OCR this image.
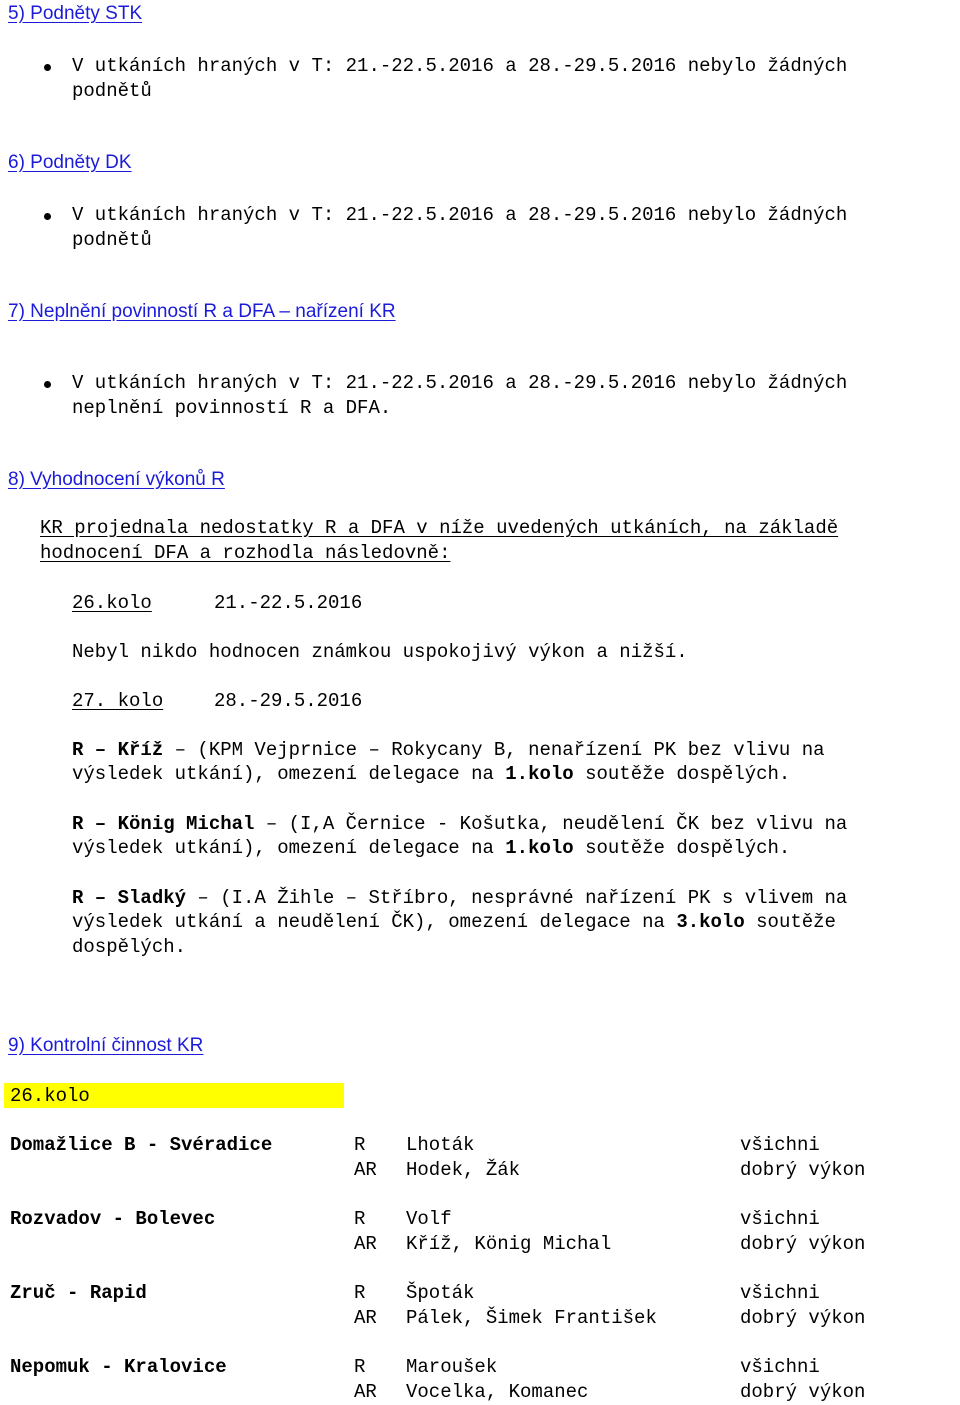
5) Podněty STK
V utkáních hraných v T: 21.-22.5.2016 a 28.-29.5.2016 nebylo žádných
podnětů
6) Podněty DK
V utkáních hraných v T: 21.-22.5.2016 a 28.-29.5.2016 nebylo žádných
podnětů
7) Neplnění povinností R a DFA – nařízení KR
V utkáních hraných v T: 21.-22.5.2016 a 28.-29.5.2016 nebylo žádných
neplnění povinností R a DFA.
8) Vyhodnocení výkonů R
KR projednala nedostatky R a DFA v níže uvedených utkáních, na základě
hodnocení DFA a rozhodla následovně:
26.kolo	21.-22.5.2016
Nebyl nikdo hodnocen známkou uspokojivý výkon a nižší.
27. kolo	28.-29.5.2016
R – Kříž – (KPM Vejprnice – Rokycany B, nenařízení PK bez vlivu na
výsledek utkání), omezení delegace na 1.kolo soutěže dospělých.
R – König Michal – (I,A Černice - Košutka, neudělení ČK bez vlivu na
výsledek utkání), omezení delegace na 1.kolo soutěže dospělých.
R – Sladký – (I.A Žihle – Stříbro, nesprávné nařízení PK s vlivem na
výsledek utkání a neudělení ČK), omezení delegace na 3.kolo soutěže
dospělých.
9) Kontrolní činnost KR
26.kolo
Domažlice B - Svéradice	R Lhoták	všichni
AR Hodek, Žák	dobrý výkon
Rozvadov - Bolevec	R Volf	všichni
AR Kříž, König Michal	dobrý výkon
Zruč - Rapid	R Špoták	všichni
AR Pálek, Šimek František	dobrý výkon
Nepomuk - Kralovice	R Maroušek	všichni
AR Vocelka, Komanec	dobrý výkon
